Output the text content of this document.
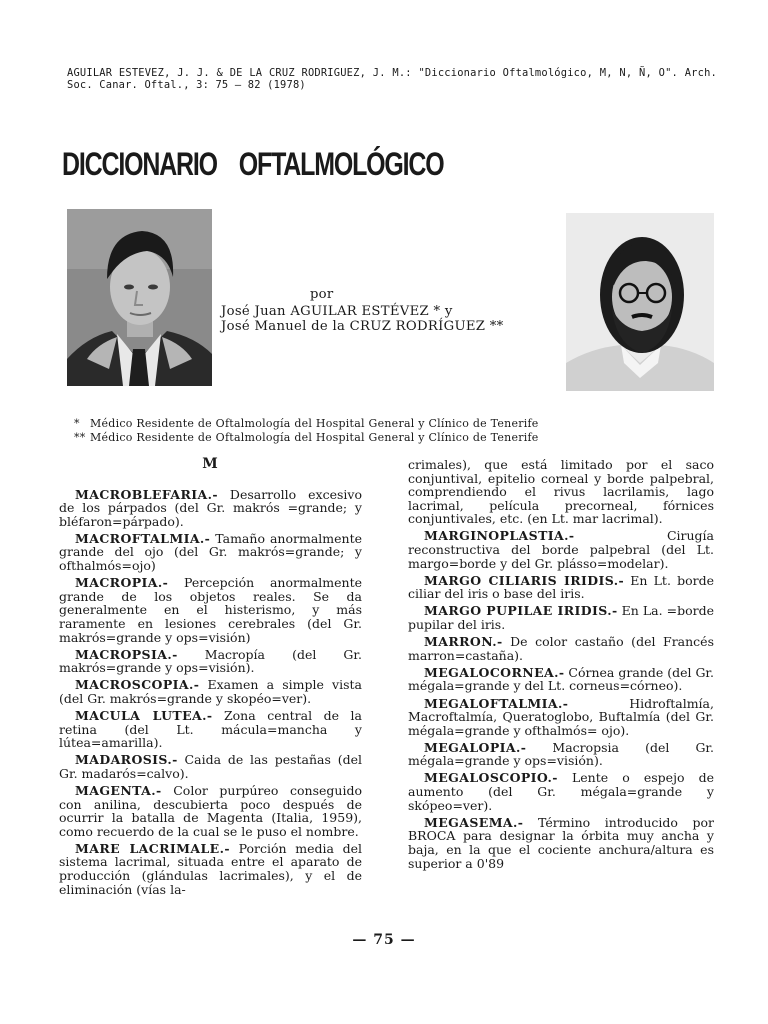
AGUILAR ESTEVEZ, J. J. & DE LA CRUZ RODRIGUEZ, J. M.: "Diccionario Oftalmológico, M, N, Ñ, O". Arch. Soc. Canar. Oftal., 3: 75 — 82 (1978)
DICCIONARIO OFTALMOLÓGICO
por
José Juan AGUILAR ESTÉVEZ * y
José Manuel de la CRUZ RODRÍGUEZ **
* Médico Residente de Oftalmología del Hospital General y Clínico de Tenerife
** Médico Residente de Oftalmología del Hospital General y Clínico de Tenerife
M

MACROBLEFARIA.- Desarrollo excesivo de los párpados (del Gr. makrós =grande; y bléfaron=párpado).

MACROFTALMIA.- Tamaño anormalmente grande del ojo (del Gr. makrós=grande; y ofthalmós=ojo)

MACROPIA.- Percepción anormalmente grande de los objetos reales. Se da generalmente en el histerismo, y más raramente en lesiones cerebrales (del Gr. makrós=grande y ops=visión)

MACROPSIA.- Macropía (del Gr. makrós=grande y ops=visión).

MACROSCOPIA.- Examen a simple vista (del Gr. makrós=grande y skopéo=ver).

MACULA LUTEA.- Zona central de la retina (del Lt. mácula=mancha y lútea=amarilla).

MADAROSIS.- Caida de las pestañas (del Gr. madarós=calvo).

MAGENTA.- Color purpúreo conseguido con anilina, descubierta poco después de ocurrir la batalla de Magenta (Italia, 1959), como recuerdo de la cual se le puso el nombre.

MARE LACRIMALE.- Porción media del sistema lacrimal, situada entre el aparato de producción (glándulas lacrimales), y el de eliminación (vías la-

crimales), que está limitado por el saco conjuntival, epitelio corneal y borde palpebral, comprendiendo el rivus lacrilamis, lago lacrimal, película precorneal, fórnices conjuntivales, etc. (en Lt. mar lacrimal).

MARGINOPLASTIA.- Cirugía reconstructiva del borde palpebral (del Lt. margo=borde y del Gr. plásso=modelar).

MARGO CILIARIS IRIDIS.- En Lt. borde ciliar del iris o base del iris.

MARGO PUPILAE IRIDIS.- En La. =borde pupilar del iris.

MARRON.- De color castaño (del Francés marron=castaña).

MEGALOCORNEA.- Córnea grande (del Gr. mégala=grande y del Lt. corneus=córneo).

MEGALOFTALMIA.- Hidroftalmía, Macroftalmía, Queratoglobo, Buftalmía (del Gr. mégala=grande y ofthalmós= ojo).

MEGALOPIA.- Macropsia (del Gr. mégala=grande y ops=visión).

MEGALOSCOPIO.- Lente o espejo de aumento (del Gr. mégala=grande y skópeo=ver).

MEGASEMA.- Término introducido por BROCA para designar la órbita muy ancha y baja, en la que el cociente anchura/altura es superior a 0'89

— 75 —
